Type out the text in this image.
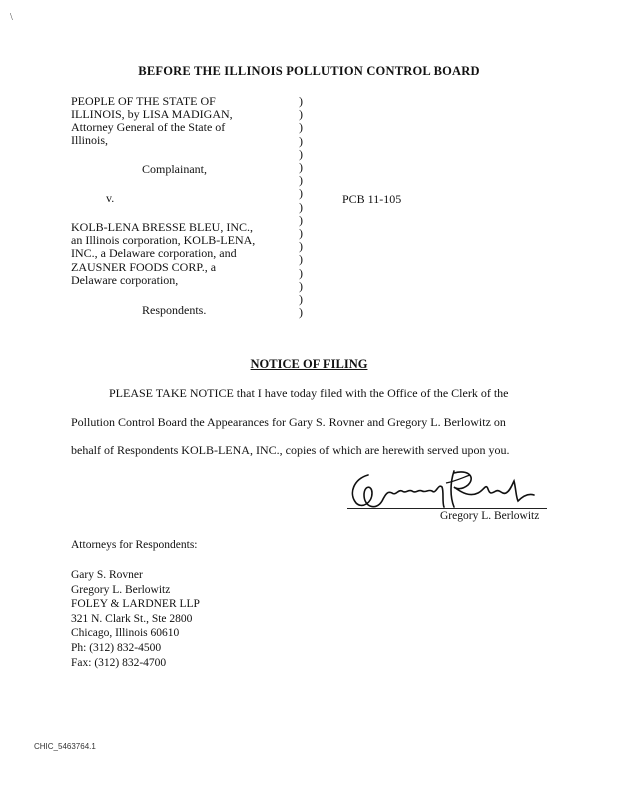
\
BEFORE THE ILLINOIS POLLUTION CONTROL BOARD
PEOPLE OF THE STATE OF
ILLINOIS, by LISA MADIGAN,
Attorney General of the State of
Illinois,
Complainant,
v.
KOLB-LENA BRESSE BLEU, INC.,
an Illinois corporation, KOLB-LENA,
INC., a Delaware corporation, and
ZAUSNER FOODS CORP., a
Delaware corporation,
Respondents.
)
)
)
)
)
)
)
)
)
)
)
)
)
)
)
)
)
PCB 11-105
NOTICE OF FILING
PLEASE TAKE NOTICE that I have today filed with the Office of the Clerk of the
Pollution Control Board the Appearances for Gary S. Rovner and Gregory L. Berlowitz on
behalf of Respondents KOLB-LENA, INC., copies of which are herewith served upon you.
Gregory L. Berlowitz
Attorneys for Respondents:
Gary S. Rovner
Gregory L. Berlowitz
FOLEY & LARDNER LLP
321 N. Clark St., Ste 2800
Chicago, Illinois 60610
Ph: (312) 832-4500
Fax: (312) 832-4700
CHIC_5463764.1
